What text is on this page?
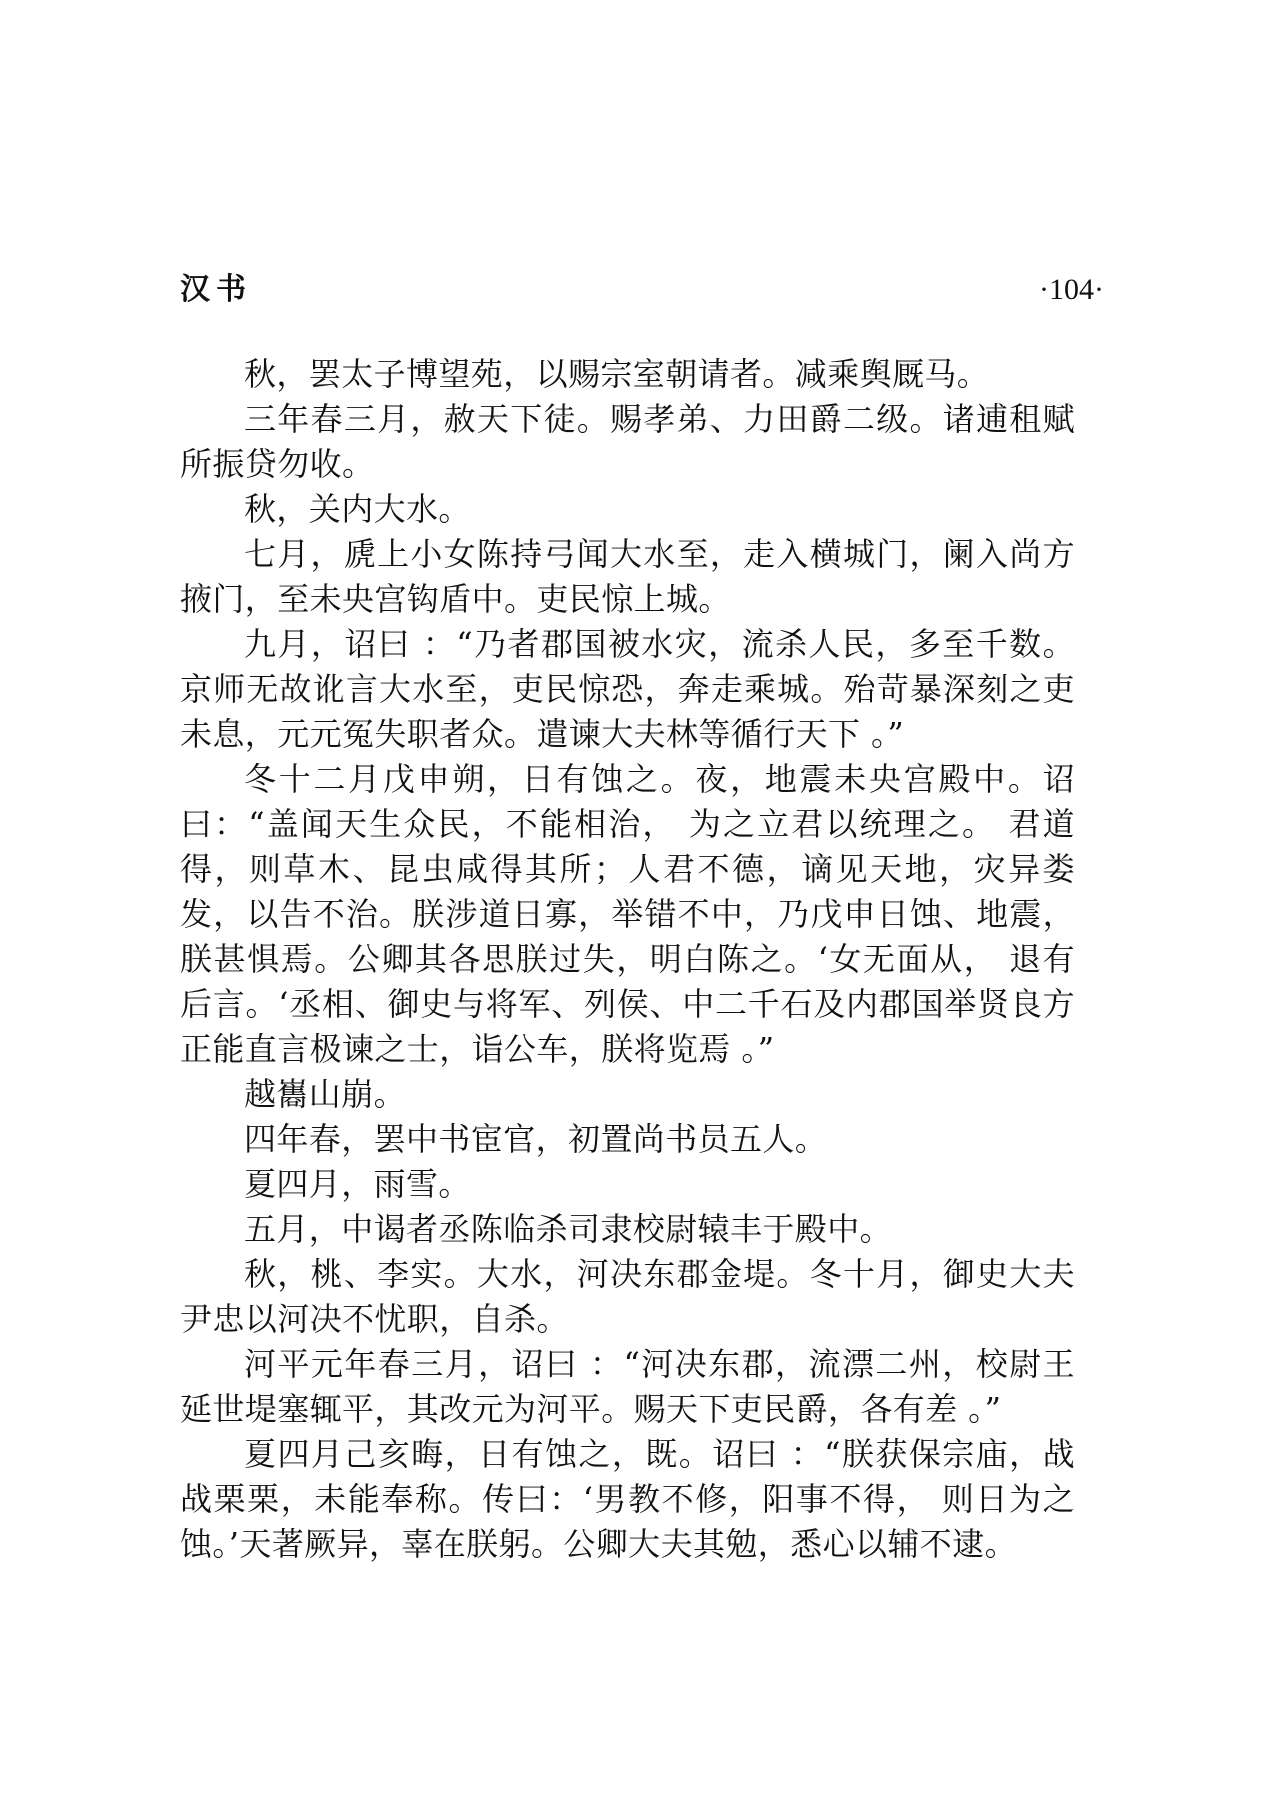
汉书	·104·

秋，罢太子博望苑，以赐宗室朝请者。减乘舆厩马。

三年春三月，赦天下徒。赐孝弟、力田爵二级。诸逋租赋所振贷勿收。

秋，关内大水。

七月，虒上小女陈持弓闻大水至，走入横城门，阑入尚方掖门，至未央宫钩盾中。吏民惊上城。

九月，诏曰 ：“乃者郡国被水灾，流杀人民，多至千数。京师无故讹言大水至，吏民惊恐，奔走乘城。殆苛暴深刻之吏未息，元元冤失职者众。遣谏大夫林等循行天下 。”

冬十二月戊申朔，日有蚀之。夜，地震未央宫殿中。诏曰：“盖闻天生众民，不能相治， 为之立君以统理之。 君道得，则草木、昆虫咸得其所；人君不德，谪见天地，灾异娄发，以告不治。朕涉道日寡，举错不中，乃戊申日蚀、地震，朕甚惧焉。公卿其各思朕过失，明白陈之。‘女无面从， 退有后言。‘丞相、御史与将军、列侯、中二千石及内郡国举贤良方正能直言极谏之士，诣公车，朕将览焉 。”

越巂山崩。

四年春，罢中书宦官，初置尚书员五人。

夏四月，雨雪。

五月，中谒者丞陈临杀司隶校尉辕丰于殿中。

秋，桃、李实。大水，河决东郡金堤。冬十月，御史大夫尹忠以河决不忧职，自杀。

河平元年春三月，诏曰 ：“河决东郡，流漂二州，校尉王延世堤塞辄平，其改元为河平。赐天下吏民爵，各有差 。”

夏四月己亥晦，日有蚀之，既。诏曰 ：“朕获保宗庙，战战栗栗，未能奉称。传曰：‘男教不修，阳事不得， 则日为之蚀。’天著厥异，辜在朕躬。公卿大夫其勉，悉心以辅不逮。
